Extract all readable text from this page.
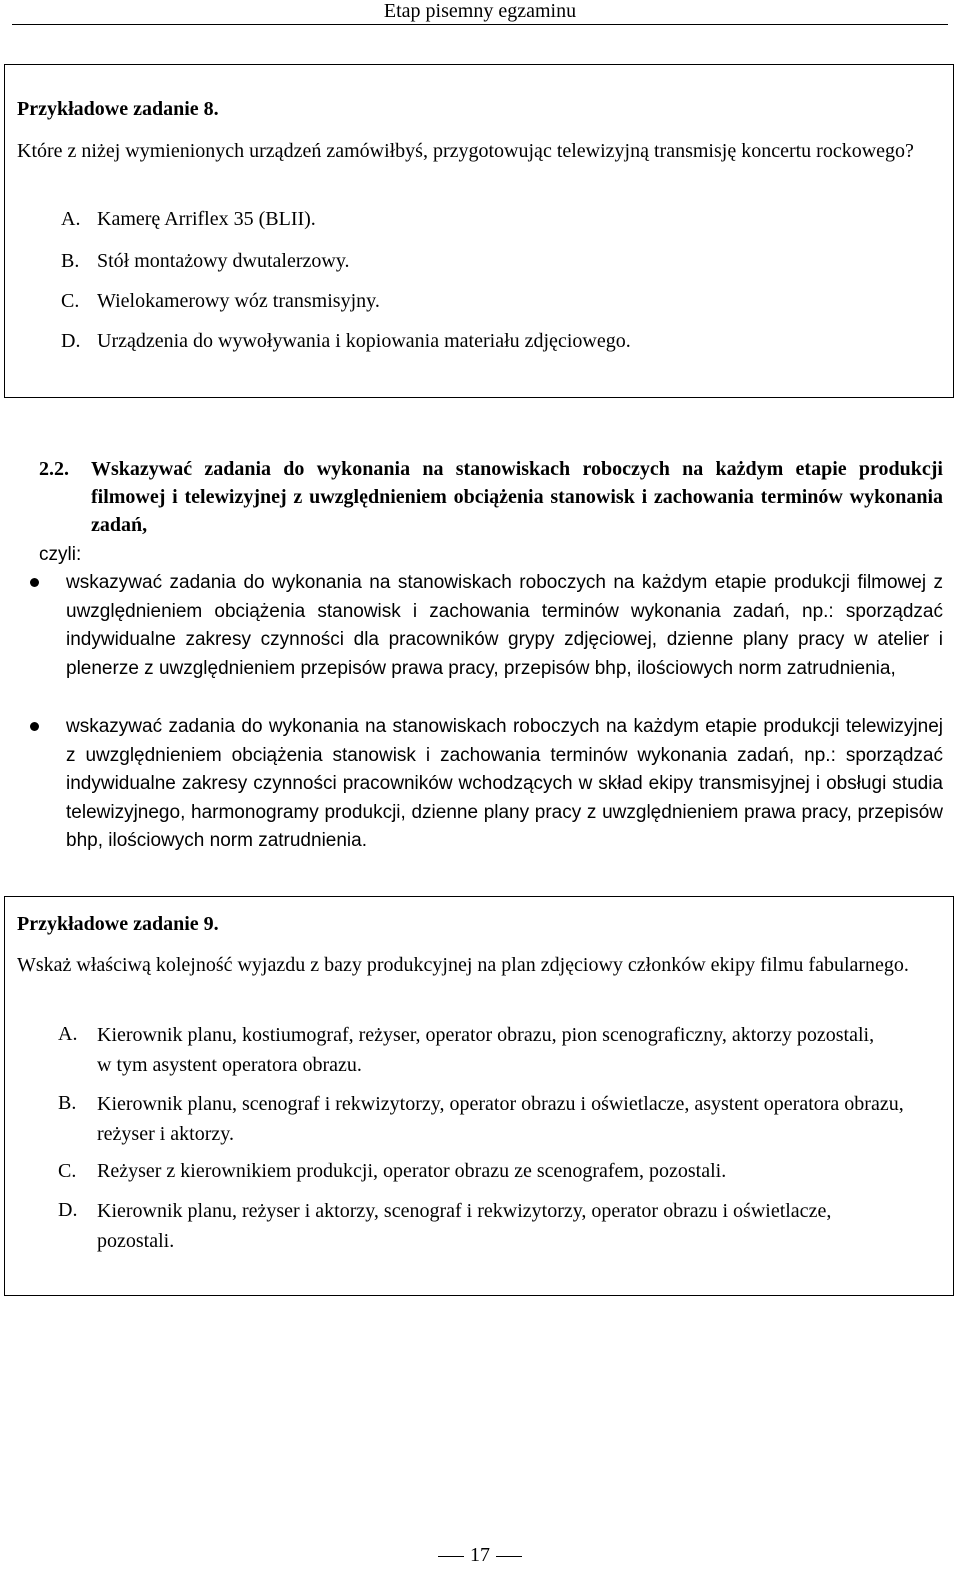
Etap pisemny egzaminu
Przykładowe zadanie 8.
Które z niżej wymienionych urządzeń zamówiłbyś, przygotowując telewizyjną transmisję koncertu rockowego?
A. Kamerę Arriflex 35 (BLII).
B. Stół montażowy dwutalerzowy.
C. Wielokamerowy wóz transmisyjny.
D. Urządzenia do wywoływania i kopiowania materiału zdjęciowego.
2.2. Wskazywać zadania do wykonania na stanowiskach roboczych na każdym etapie produkcji filmowej i telewizyjnej z uwzględnieniem obciążenia stanowisk i zachowania terminów wykonania zadań,
czyli:
wskazywać zadania do wykonania na stanowiskach roboczych na każdym etapie produkcji filmowej z uwzględnieniem obciążenia stanowisk i zachowania terminów wykonania zadań, np.: sporządzać indywidualne zakresy czynności dla pracowników grypy zdjęciowej, dzienne plany pracy w atelier i plenerze z uwzględnieniem przepisów prawa pracy, przepisów bhp, ilościowych norm zatrudnienia,
wskazywać zadania do wykonania na stanowiskach roboczych na każdym etapie produkcji telewizyjnej z uwzględnieniem obciążenia stanowisk i zachowania terminów wykonania zadań, np.: sporządzać indywidualne zakresy czynności pracowników wchodzących w skład ekipy transmisyjnej i obsługi studia telewizyjnego, harmonogramy produkcji, dzienne plany pracy z uwzględnieniem prawa pracy, przepisów bhp, ilościowych norm zatrudnienia.
Przykładowe zadanie 9.
Wskaż właściwą kolejność wyjazdu z bazy produkcyjnej na plan zdjęciowy członków ekipy filmu fabularnego.
A. Kierownik planu, kostiumograf, reżyser, operator obrazu, pion scenograficzny, aktorzy pozostali, w tym asystent operatora obrazu.
B. Kierownik planu, scenograf i rekwizytorzy, operator obrazu i oświetlacze, asystent operatora obrazu, reżyser i aktorzy.
C. Reżyser z kierownikiem produkcji, operator obrazu ze scenografem, pozostali.
D. Kierownik planu, reżyser i aktorzy, scenograf i rekwizytorzy, operator obrazu i oświetlacze, pozostali.
17
